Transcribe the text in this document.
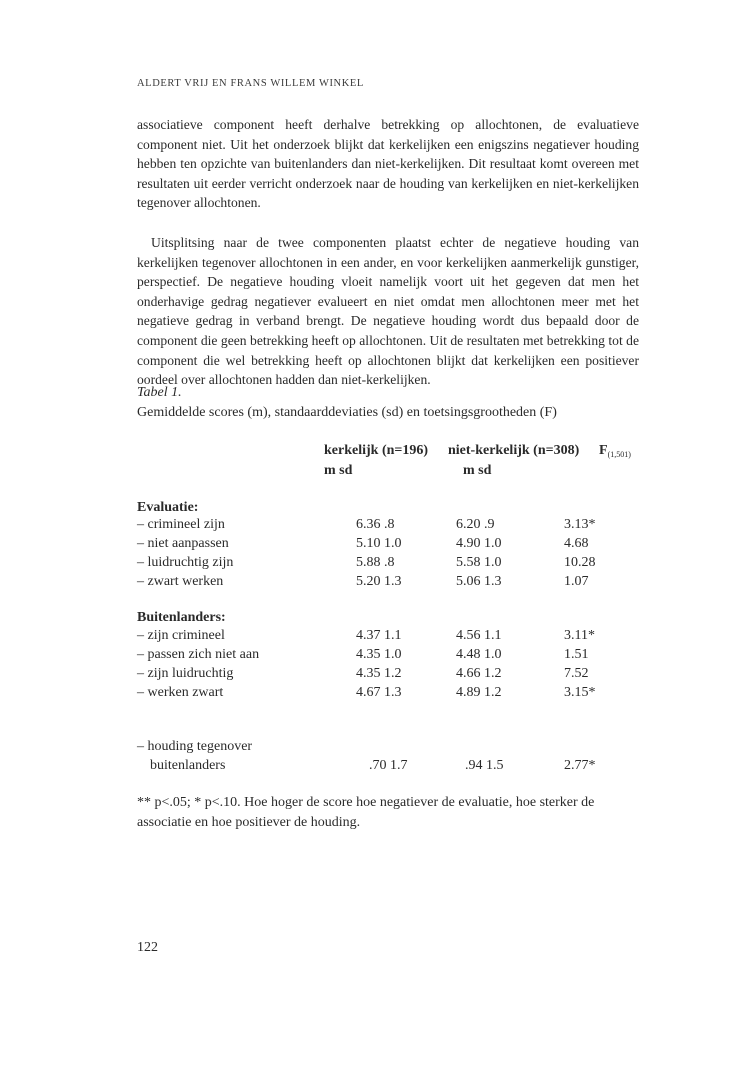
ALDERT VRIJ EN FRANS WILLEM WINKEL

associatieve component heeft derhalve betrekking op allochtonen, de evaluatieve component niet. Uit het onderzoek blijkt dat kerkelijken een enigszins negatiever houding hebben ten opzichte van buitenlanders dan niet-kerkelijken. Dit resultaat komt overeen met resultaten uit eerder verricht onderzoek naar de houding van kerkelijken en niet-kerkelijken tegenover allochtonen.

Uitsplitsing naar de twee componenten plaatst echter de negatieve houding van kerkelijken tegenover allochtonen in een ander, en voor kerkelijken aanmerkelijk gunstiger, perspectief. De negatieve houding vloeit namelijk voort uit het gegeven dat men het onderhavige gedrag negatiever evalueert en niet omdat men allochtonen meer met het negatieve gedrag in verband brengt. De negatieve houding wordt dus bepaald door de component die geen betrekking heeft op allochtonen. Uit de resultaten met betrekking tot de component die wel betrekking heeft op allochtonen blijkt dat kerkelijken een positiever oordeel over allochtonen hadden dan niet-kerkelijken.

Tabel 1.
Gemiddelde scores (m), standaarddeviaties (sd) en toetsingsgrootheden (F)
kerkelijk (n=196) niet-kerkelijk (n=308) $F_{(1,501)}$
m sd	m sd
Evaluatie:
– crimineel zijn	6.36 .8	6.20 .9	3.13*
– niet aanpassen	5.10 1.0	4.90 1.0	4.68
– luidruchtig zijn	5.88 .8	5.58 1.0	10.28
– zwart werken	5.20 1.3	5.06 1.3	1.07
Buitenlanders:
– zijn crimineel	4.37 1.1	4.56 1.1	3.11*
– passen zich niet aan	4.35 1.0	4.48 1.0	1.51
– zijn luidruchtig	4.35 1.2	4.66 1.2	7.52
– werken zwart	4.67 1.3	4.89 1.2	3.15*
– houding tegenover
buitenlanders	.70 1.7	.94 1.5	2.77*
** p<.05; * p<.10. Hoe hoger de score hoe negatiever de evaluatie, hoe sterker de associatie en hoe positiever de houding.
122
